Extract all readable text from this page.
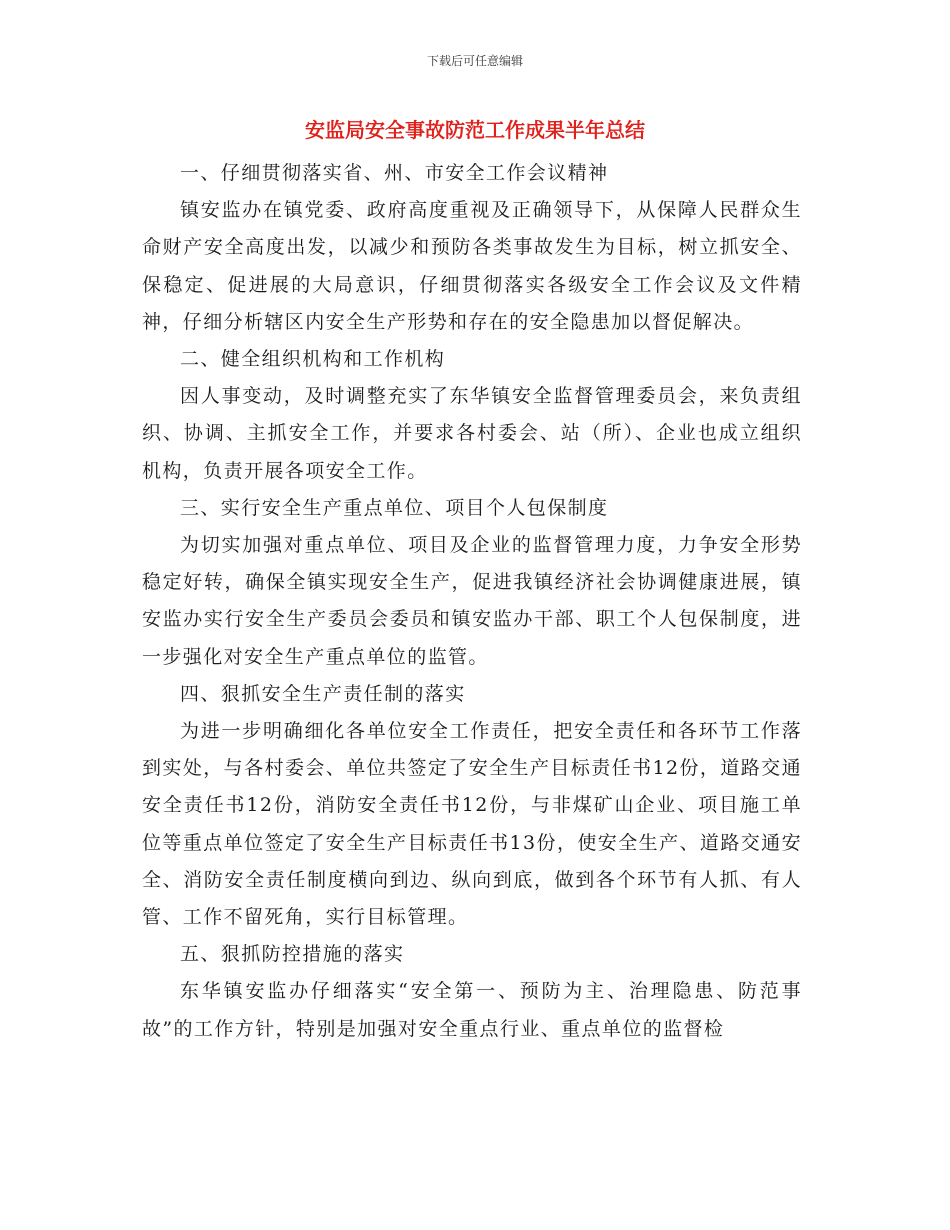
下载后可任意编辑
安监局安全事故防范工作成果半年总结

一、仔细贯彻落实省、州、市安全工作会议精神

镇安监办在镇党委、政府高度重视及正确领导下，从保障人民群众生命财产安全高度出发，以减少和预防各类事故发生为目标，树立抓安全、保稳定、促进展的大局意识，仔细贯彻落实各级安全工作会议及文件精神，仔细分析辖区内安全生产形势和存在的安全隐患加以督促解决。

二、健全组织机构和工作机构

因人事变动，及时调整充实了东华镇安全监督管理委员会，来负责组织、协调、主抓安全工作，并要求各村委会、站（所）、企业也成立组织机构，负责开展各项安全工作。

三、实行安全生产重点单位、项目个人包保制度

为切实加强对重点单位、项目及企业的监督管理力度，力争安全形势稳定好转，确保全镇实现安全生产，促进我镇经济社会协调健康进展，镇安监办实行安全生产委员会委员和镇安监办干部、职工个人包保制度，进一步强化对安全生产重点单位的监管。

四、狠抓安全生产责任制的落实

为进一步明确细化各单位安全工作责任，把安全责任和各环节工作落到实处，与各村委会、单位共签定了安全生产目标责任书12份，道路交通安全责任书12份，消防安全责任书12份，与非煤矿山企业、项目施工单位等重点单位签定了安全生产目标责任书13份，使安全生产、道路交通安全、消防安全责任制度横向到边、纵向到底，做到各个环节有人抓、有人管、工作不留死角，实行目标管理。

五、狠抓防控措施的落实

东华镇安监办仔细落实“安全第一、预防为主、治理隐患、防范事故”的工作方针，特别是加强对安全重点行业、重点单位的监督检
